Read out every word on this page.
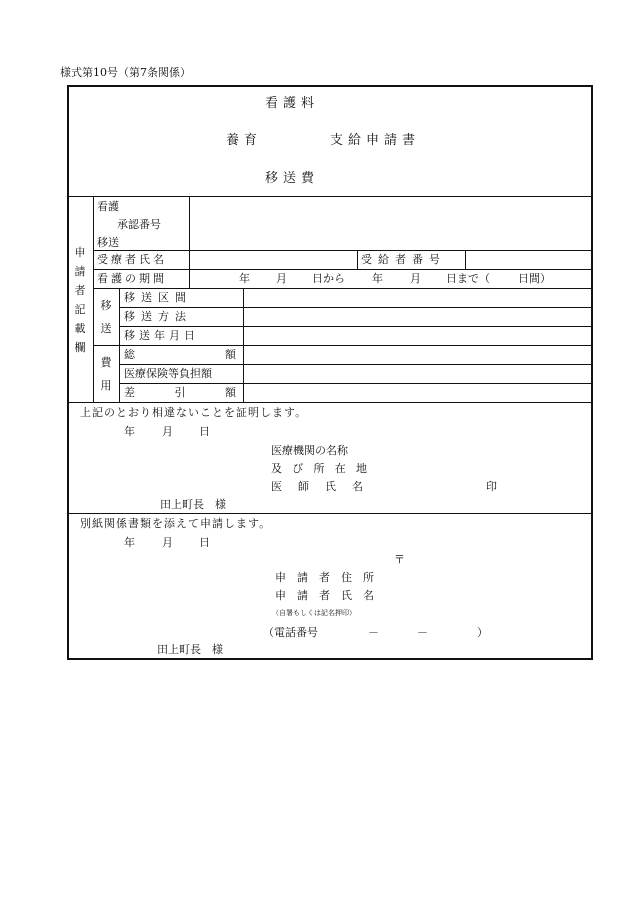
様式第10号（第7条関係）
看護料
養育	支給申請書
移送費
申
請
者
記
載
欄
看護
承認番号
移送
受療者氏名	受給者番号
看護の期間	年 月 日から 年 月 日まで（	日間）
移
送
移送区間
移送方法
移送年月日
費
用
総	額
医療保険等負担額
差	引	額
上記のとおり相違ないことを証明します。
年 月 日
医療機関の名称
及 び 所 在 地
医 師 氏 名	印
田上町長　様
別紙関係書類を添えて申請します。
年 月 日
〒
申 請 者 住 所
申 請 者 氏 名
（自署もしくは記名押印）
（電話番号	－	－	）
田上町長　様
